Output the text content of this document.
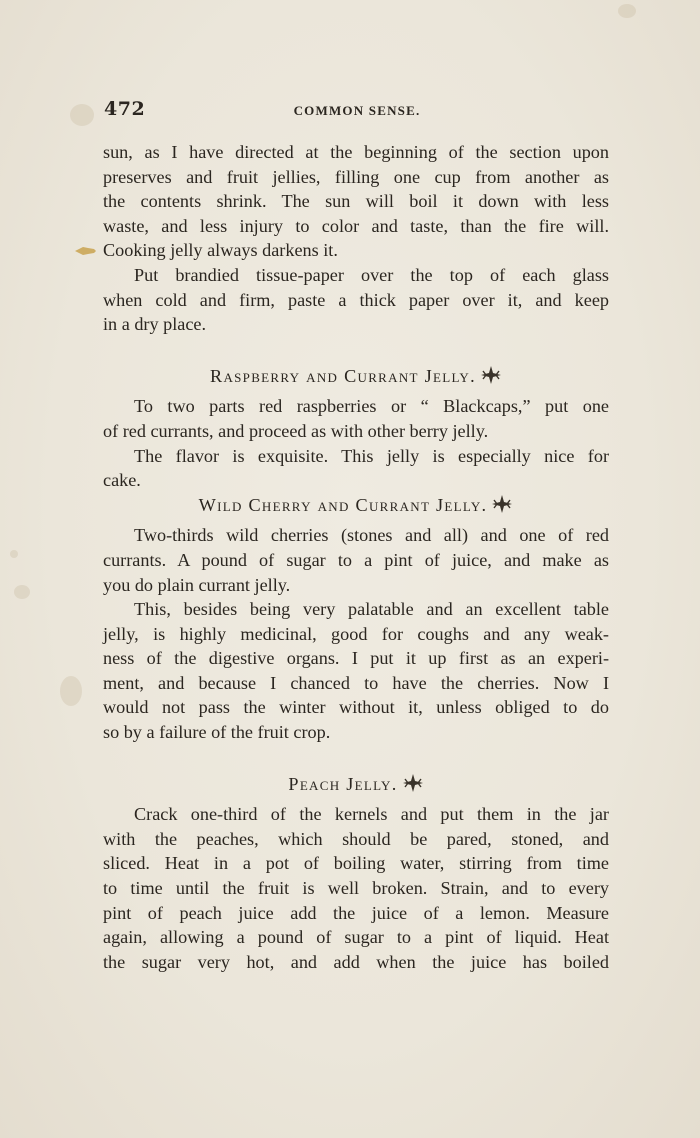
472	COMMON SENSE.
sun, as I have directed at the beginning of the section upon
preserves and fruit jellies, filling one cup from another as
the contents shrink. The sun will boil it down with less
waste, and less injury to color and taste, than the fire will.
Cooking jelly always darkens it.
Put brandied tissue-paper over the top of each glass
when cold and firm, paste a thick paper over it, and keep
in a dry place.
Raspberry and Currant Jelly.
To two parts red raspberries or “ Blackcaps,” put one
of red currants, and proceed as with other berry jelly.
The flavor is exquisite. This jelly is especially nice for
cake.
Wild Cherry and Currant Jelly.
Two-thirds wild cherries (stones and all) and one of red
currants. A pound of sugar to a pint of juice, and make as
you do plain currant jelly.
This, besides being very palatable and an excellent table
jelly, is highly medicinal, good for coughs and any weak-
ness of the digestive organs. I put it up first as an experi-
ment, and because I chanced to have the cherries. Now I
would not pass the winter without it, unless obliged to do
so by a failure of the fruit crop.
Peach Jelly.
Crack one-third of the kernels and put them in the jar
with the peaches, which should be pared, stoned, and
sliced. Heat in a pot of boiling water, stirring from time
to time until the fruit is well broken. Strain, and to every
pint of peach juice add the juice of a lemon. Measure
again, allowing a pound of sugar to a pint of liquid. Heat
the sugar very hot, and add when the juice has boiled
